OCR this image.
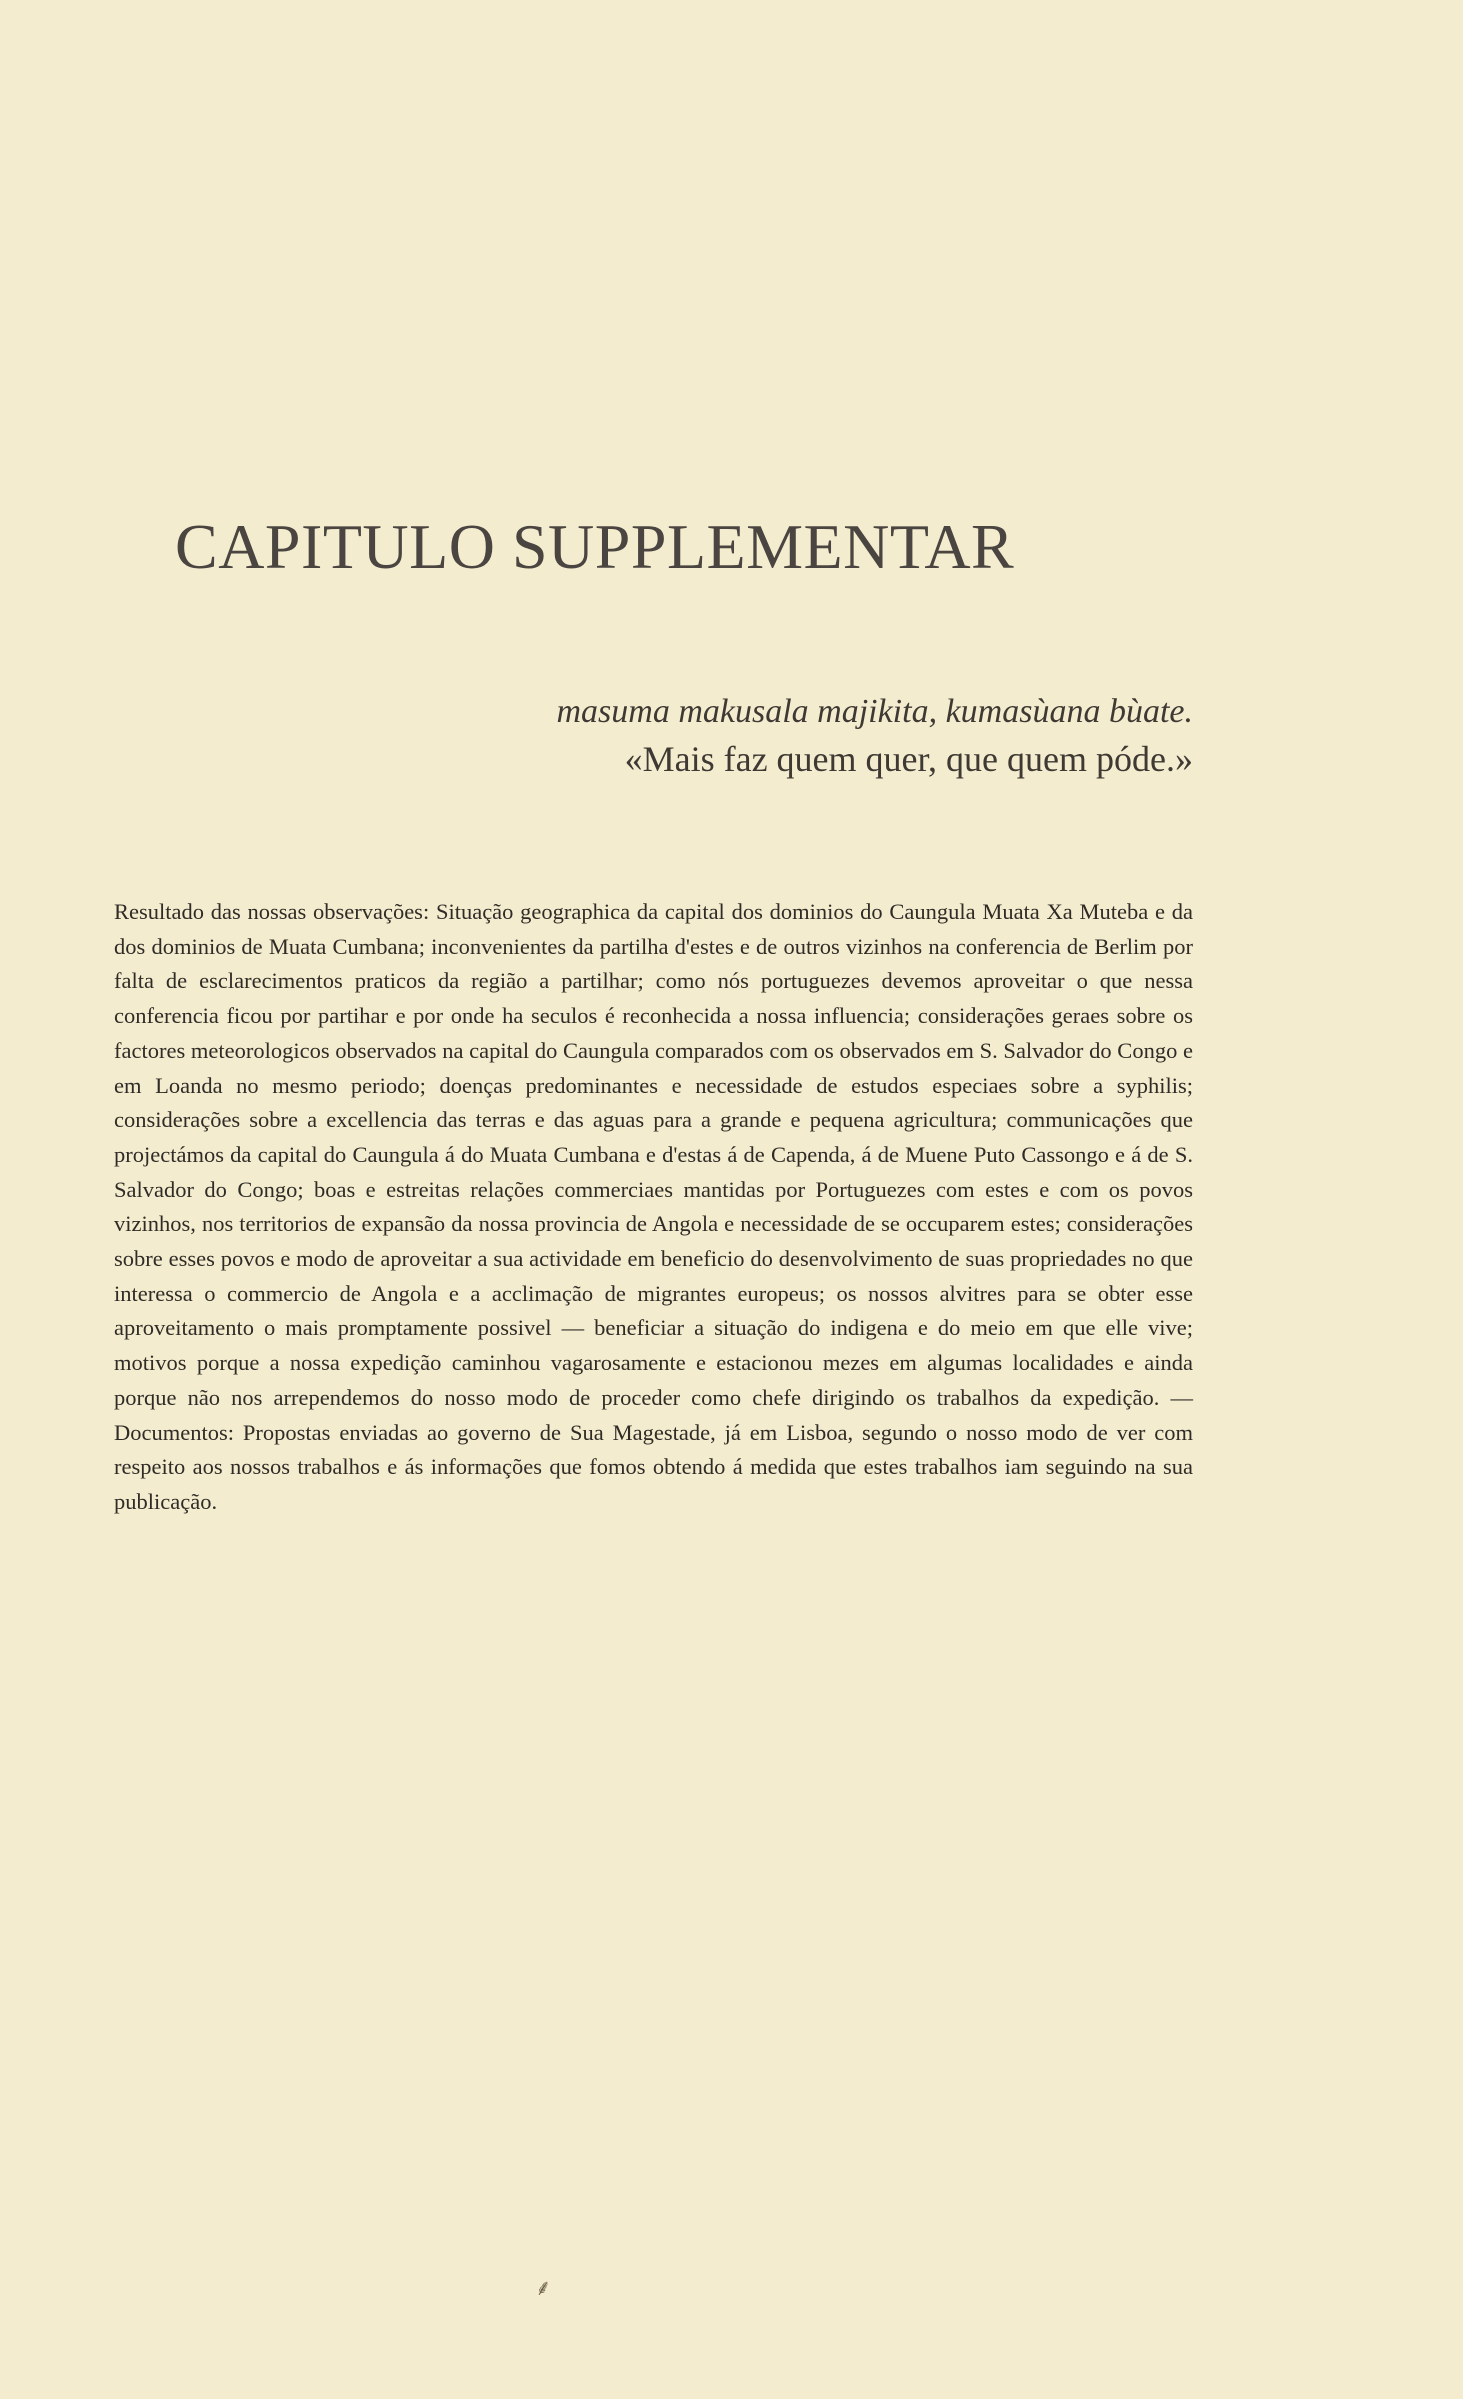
CAPITULO SUPPLEMENTAR
masuma makusala majikita, kumasùana bùate.
«Mais faz quem quer, que quem póde.»

Resultado das nossas observações: Situação geographica da capital dos dominios do Caungula Muata Xa Muteba e da dos dominios de Muata Cumbana; inconvenientes da partilha d'estes e de outros vizinhos na conferencia de Berlim por falta de esclarecimentos praticos da região a partilhar; como nós portuguezes devemos aproveitar o que nessa conferencia ficou por partihar e por onde ha seculos é reconhecida a nossa influencia; considerações geraes sobre os factores meteorologicos observados na capital do Caungula comparados com os observados em S. Salvador do Congo e em Loanda no mesmo periodo; doenças predominantes e necessidade de estudos especiaes sobre a syphilis; considerações sobre a excellencia das terras e das aguas para a grande e pequena agricultura; communicações que projectámos da capital do Caungula á do Muata Cumbana e d'estas á de Capenda, á de Muene Puto Cassongo e á de S. Salvador do Congo; boas e estreitas relações commerciaes mantidas por Portuguezes com estes e com os povos vizinhos, nos territorios de expansão da nossa provincia de Angola e necessidade de se occuparem estes; considerações sobre esses povos e modo de aproveitar a sua actividade em beneficio do desenvolvimento de suas propriedades no que interessa o commercio de Angola e a acclimação de migrantes europeus; os nossos alvitres para se obter esse aproveitamento o mais promptamente possivel — beneficiar a situação do indigena e do meio em que elle vive; motivos porque a nossa expedição caminhou vagarosamente e estacionou mezes em algumas localidades e ainda porque não nos arrependemos do nosso modo de proceder como chefe dirigindo os trabalhos da expedição. — Documentos: Propostas enviadas ao governo de Sua Magestade, já em Lisboa, segundo o nosso modo de ver com respeito aos nossos trabalhos e ás informações que fomos obtendo á medida que estes trabalhos iam seguindo na sua publicação.

⸙
